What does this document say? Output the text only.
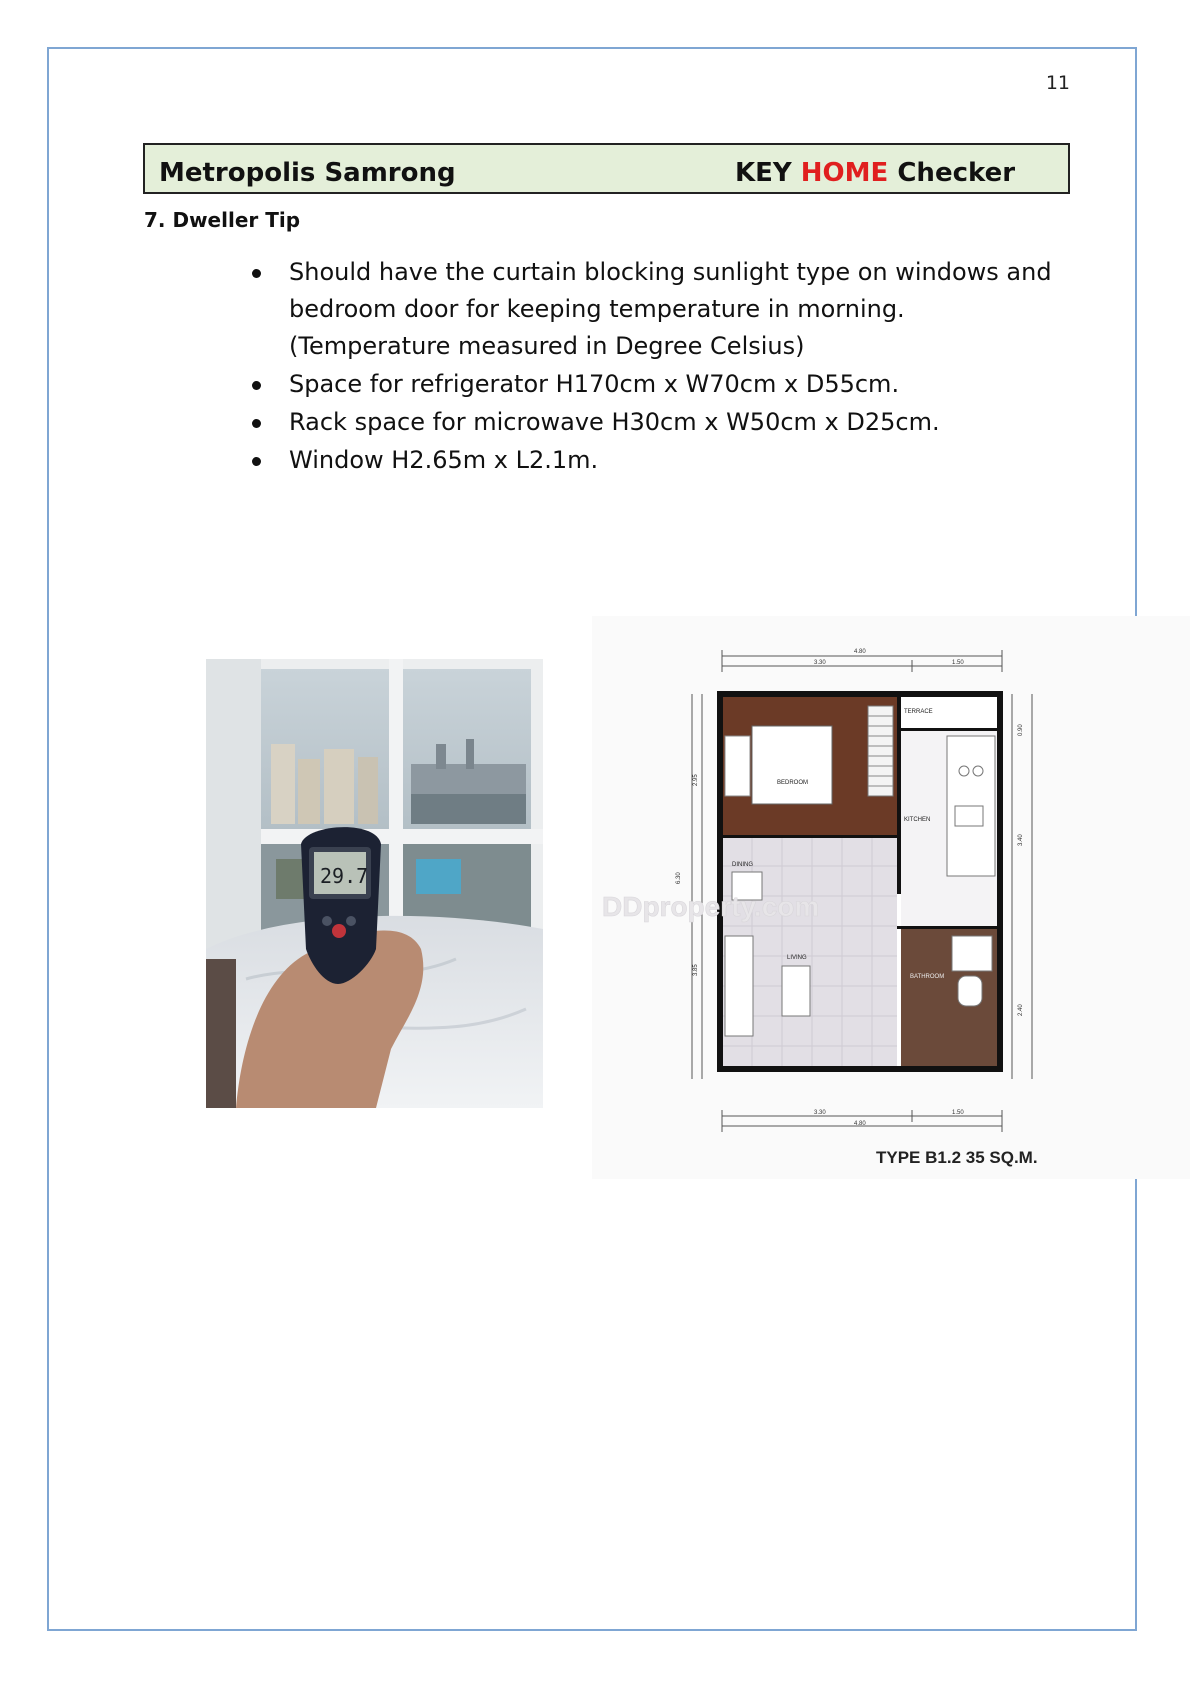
11
Metropolis Samrong	KEY HOME Checker
7. Dweller Tip
Should have the curtain blocking sunlight type on windows and
bedroom door for keeping temperature in morning.
(Temperature measured in Degree Celsius)
Space for refrigerator H170cm x W70cm x D55cm.
Rack space for microwave H30cm x W50cm x D25cm.
Window H2.65m x L2.1m.
29.7
4.80
3.30	1.50
3.30	1.50
4.80
6.30
2.95
3.85
0.90
3.40
2.40
BEDROOM
DINING
LIVING
TERRACE
KITCHEN
BATHROOM
DDproperty.com
TYPE B1.2 35 SQ.M.
